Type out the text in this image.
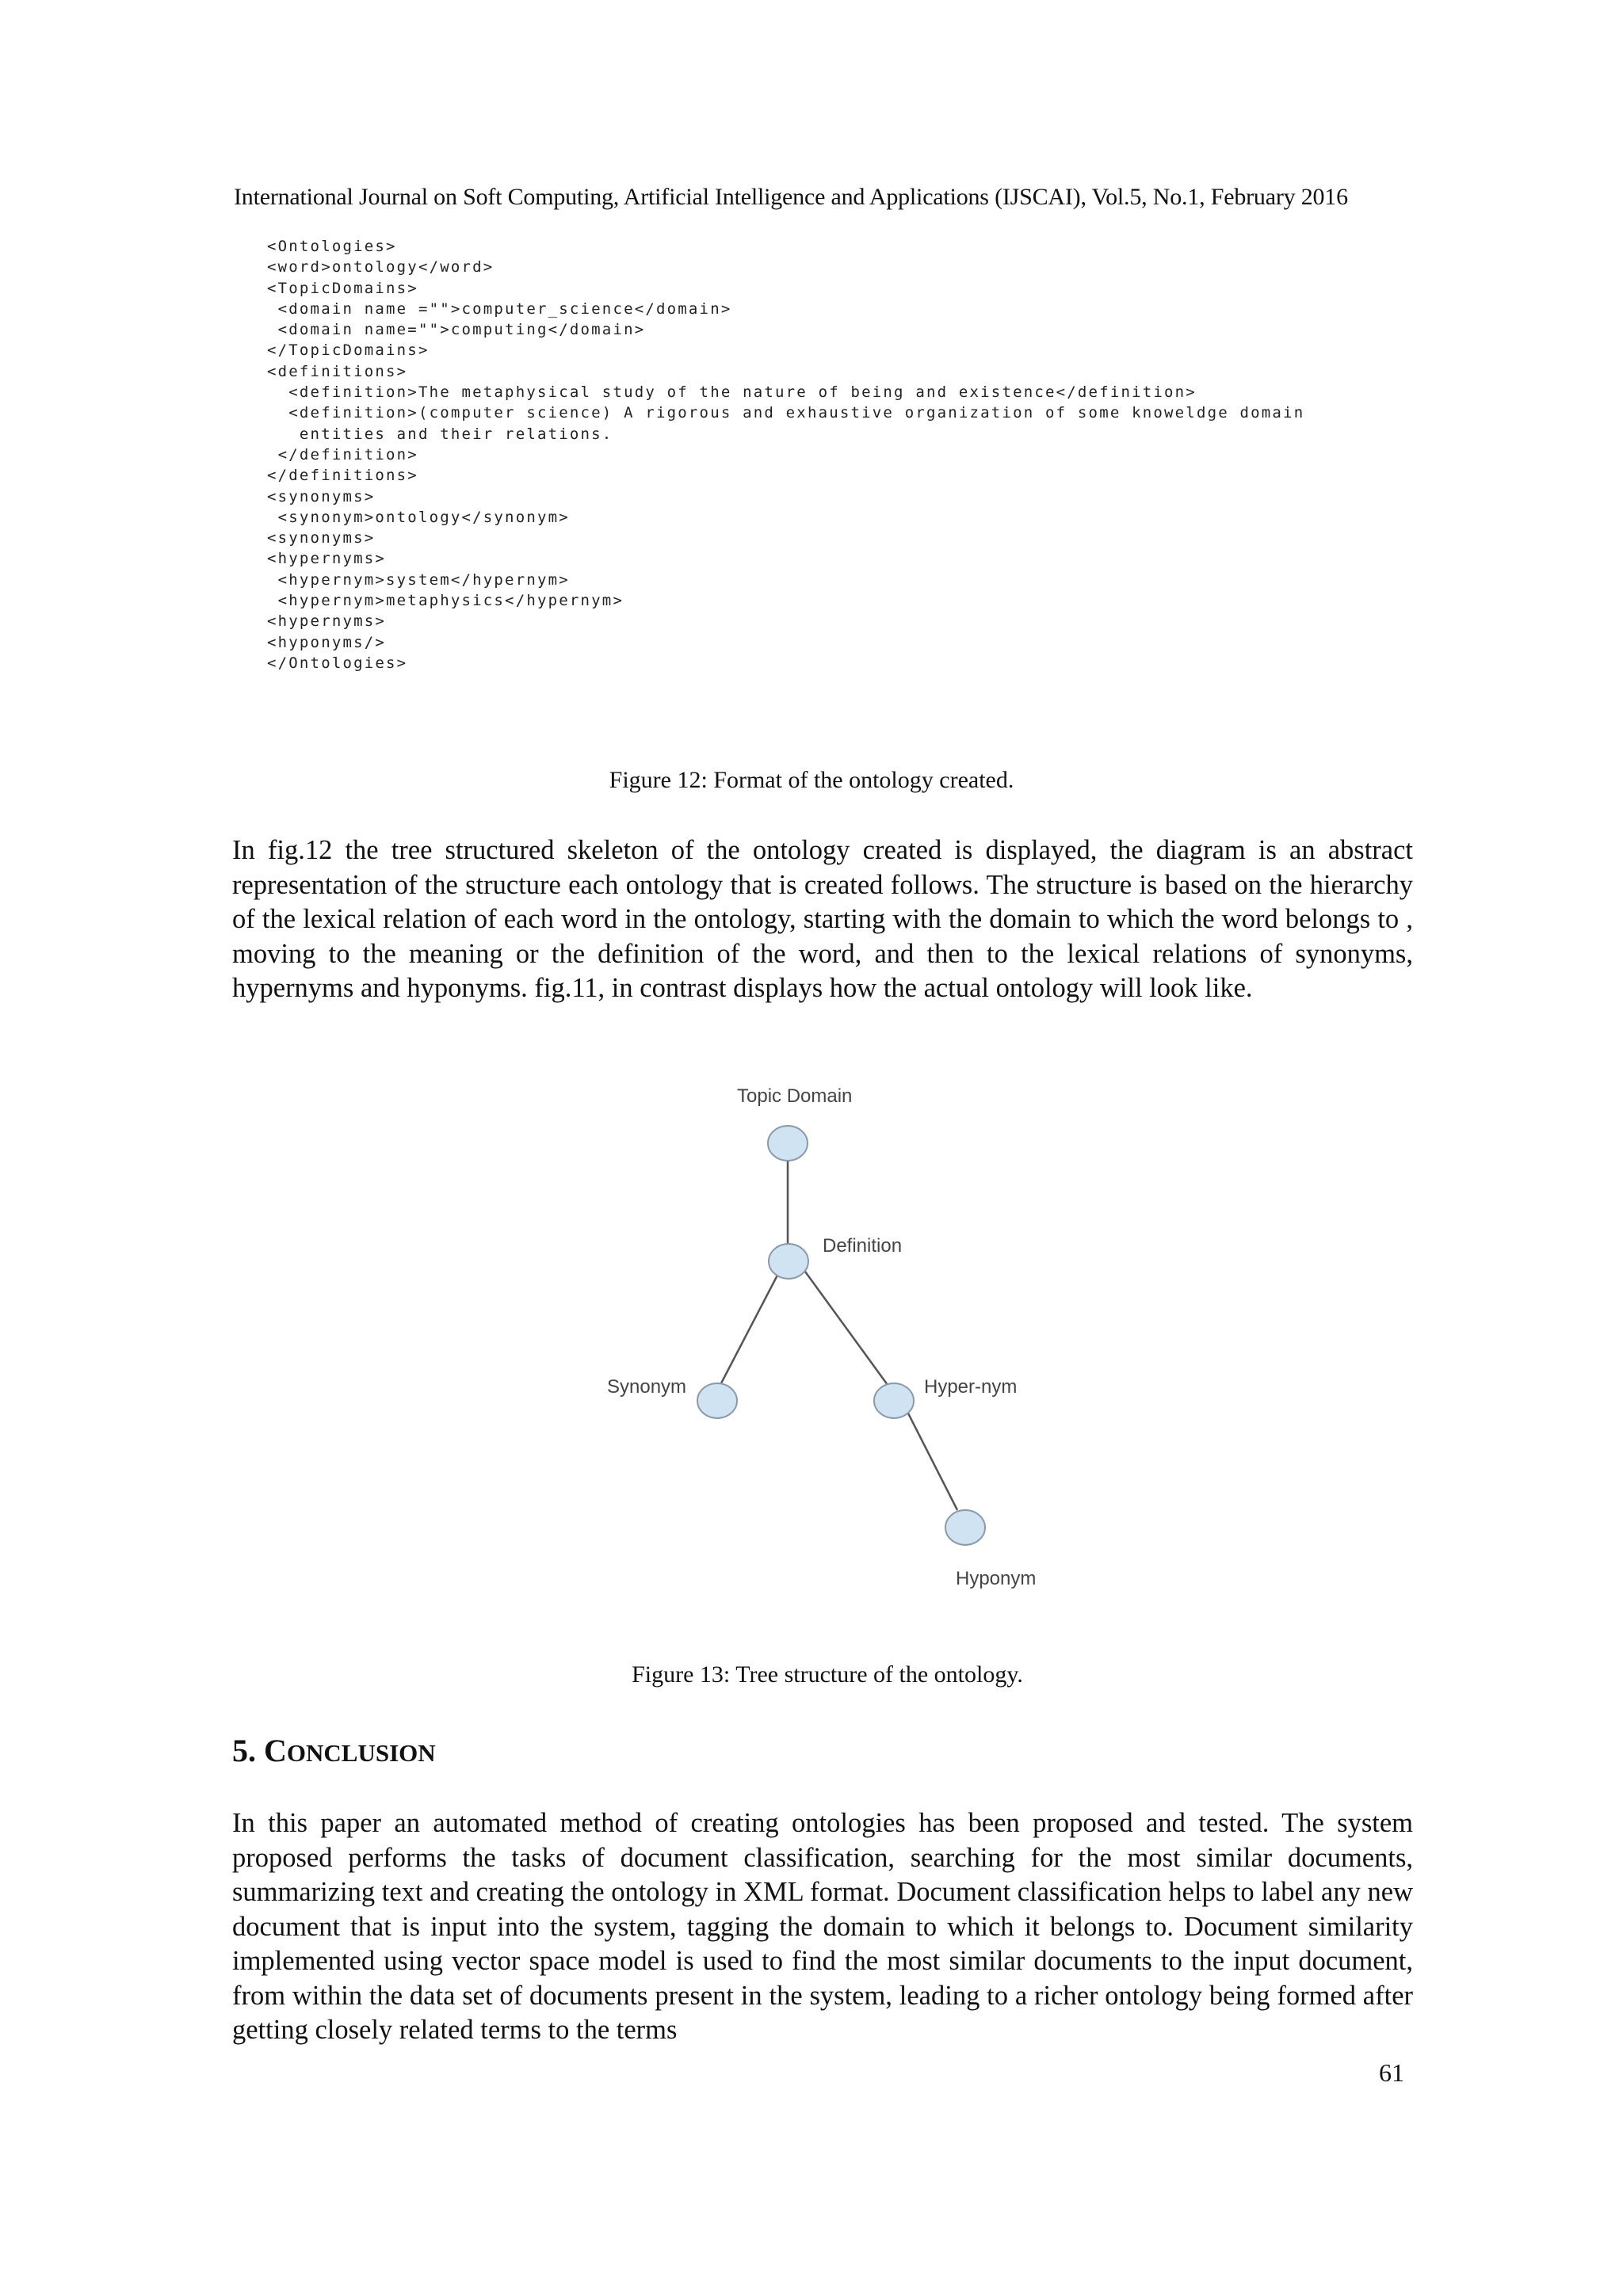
International Journal on Soft Computing, Artificial Intelligence and Applications (IJSCAI), Vol.5, No.1, February 2016
<Ontologies>
<word>ontology</word>
<TopicDomains>
<domain name ="">computer_science</domain>
<domain name="">computing</domain>
</TopicDomains>
<definitions>
<definition>The metaphysical study of the nature of being and existence</definition>
<definition>(computer science) A rigorous and exhaustive organization of some knoweldge domain
entities and their relations.
</definition>
</definitions>
<synonyms>
<synonym>ontology</synonym>
<synonyms>
<hypernyms>
<hypernym>system</hypernym>
<hypernym>metaphysics</hypernym>
<hypernyms>
<hyponyms/>
</Ontologies>
Figure 12: Format of the ontology created.

In fig.12 the tree structured skeleton of the ontology created is displayed, the diagram is an abstract representation of the structure each ontology that is created follows. The structure is based on the hierarchy of the lexical relation of each word in the ontology, starting with the domain to which the word belongs to , moving to the meaning or the definition of the word, and then to the lexical relations of synonyms, hypernyms and hyponyms. fig.11, in contrast displays how the actual ontology will look like.

Topic Domain
Definition
Synonym	Hyper-nym
Hyponym
Figure 13: Tree structure of the ontology.
5. CONCLUSION

In this paper an automated method of creating ontologies has been proposed and tested. The system proposed performs the tasks of document classification, searching for the most similar documents, summarizing text and creating the ontology in XML format. Document classification helps to label any new document that is input into the system, tagging the domain to which it belongs to. Document similarity implemented using vector space model is used to find the most similar documents to the input document, from within the data set of documents present in the system, leading to a richer ontology being formed after getting closely related terms to the terms

61
